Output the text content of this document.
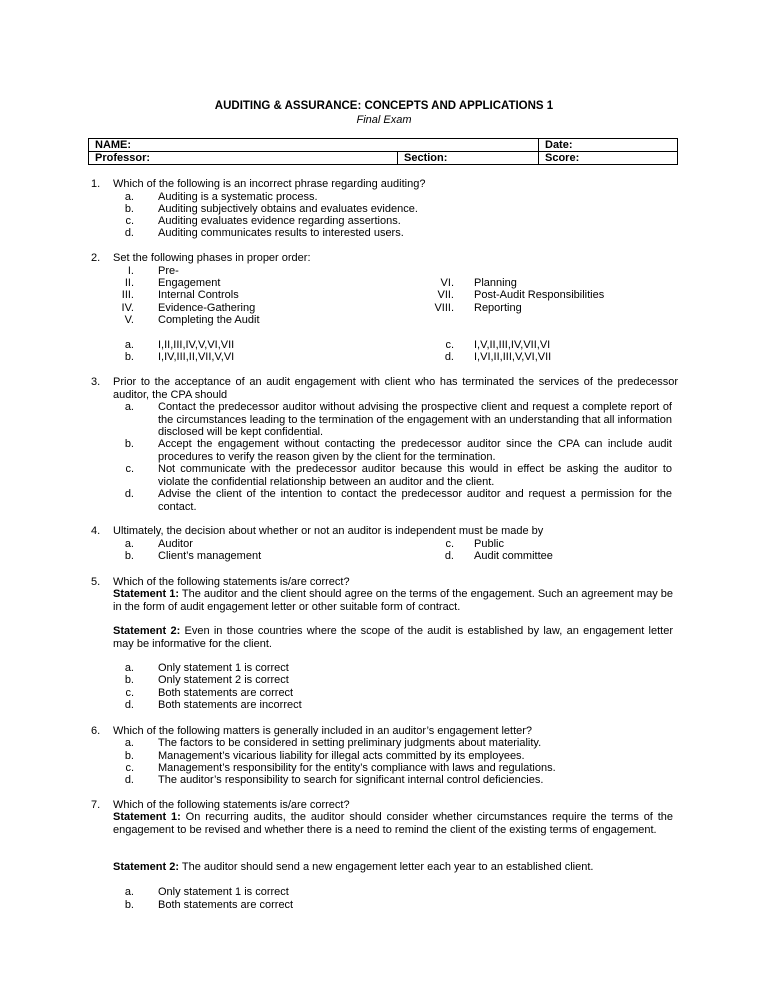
AUDITING & ASSURANCE: CONCEPTS AND APPLICATIONS 1
Final Exam
NAME:		Date:
Professor:	Section:	Score:
1. Which of the following is an incorrect phrase regarding auditing?
a. Auditing is a systematic process.
b. Auditing subjectively obtains and evaluates evidence.
c. Auditing evaluates evidence regarding assertions.
d. Auditing communicates results to interested users.
2. Set the following phases in proper order:
I. Pre-
II. Engagement
III. Internal Controls
IV. Evidence-Gathering
V. Completing the Audit
VI. Planning
VII. Post-Audit Responsibilities
VIII. Reporting
a. I,II,III,IV,V,VI,VII
b. I,IV,III,II,VII,V,VI
c. I,V,II,III,IV,VII,VI
d. I,VI,II,III,V,VI,VII
3. Prior to the acceptance of an audit engagement with client who has terminated the services of the predecessor auditor, the CPA should
a. Contact the predecessor auditor without advising the prospective client and request a complete report of the circumstances leading to the termination of the engagement with an understanding that all information disclosed will be kept confidential.
b. Accept the engagement without contacting the predecessor auditor since the CPA can include audit procedures to verify the reason given by the client for the termination.
c. Not communicate with the predecessor auditor because this would in effect be asking the auditor to violate the confidential relationship between an auditor and the client.
d. Advise the client of the intention to contact the predecessor auditor and request a permission for the contact.
4. Ultimately, the decision about whether or not an auditor is independent must be made by
a. Auditor
b. Client’s management
c. Public
d. Audit committee
5. Which of the following statements is/are correct?
Statement 1: The auditor and the client should agree on the terms of the engagement. Such an agreement may be in the form of audit engagement letter or other suitable form of contract.
Statement 2: Even in those countries where the scope of the audit is established by law, an engagement letter may be informative for the client.
a. Only statement 1 is correct
b. Only statement 2 is correct
c. Both statements are correct
d. Both statements are incorrect
6. Which of the following matters is generally included in an auditor’s engagement letter?
a. The factors to be considered in setting preliminary judgments about materiality.
b. Management’s vicarious liability for illegal acts committed by its employees.
c. Management’s responsibility for the entity’s compliance with laws and regulations.
d. The auditor’s responsibility to search for significant internal control deficiencies.
7. Which of the following statements is/are correct?
Statement 1: On recurring audits, the auditor should consider whether circumstances require the terms of the engagement to be revised and whether there is a need to remind the client of the existing terms of engagement.
Statement 2: The auditor should send a new engagement letter each year to an established client.
a. Only statement 1 is correct
b. Both statements are correct
